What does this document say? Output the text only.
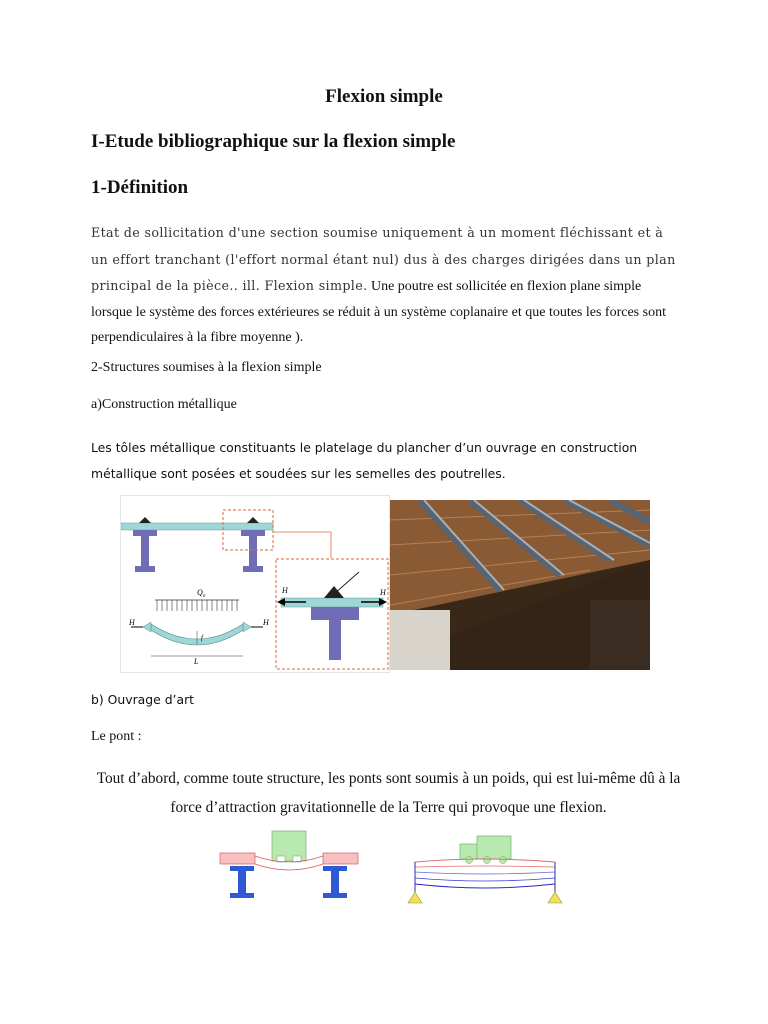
Flexion simple
I-Etude bibliographique sur la flexion simple
1-Définition
Etat de sollicitation d'une section soumise uniquement à un moment fléchissant et à un effort tranchant (l'effort normal étant nul) dus à des charges dirigées dans un plan principal de la pièce.. ill. Flexion simple. Une poutre est sollicitée en flexion plane simple lorsque le système des forces extérieures se réduit à un système coplanaire et que toutes les forces sont perpendiculaires à la fibre moyenne ).
2-Structures soumises à la flexion simple
a)Construction métallique
Les tôles métallique constituants le platelage du plancher d’un ouvrage en construction métallique sont posées et soudées sur les semelles des poutrelles.
H	H
Q n
H	H
f
L
b) Ouvrage d’art
Le pont :
Tout d’abord, comme toute structure, les ponts sont soumis à un poids, qui est lui-même dû à la force d’attraction gravitationnelle de la Terre qui provoque une flexion.
